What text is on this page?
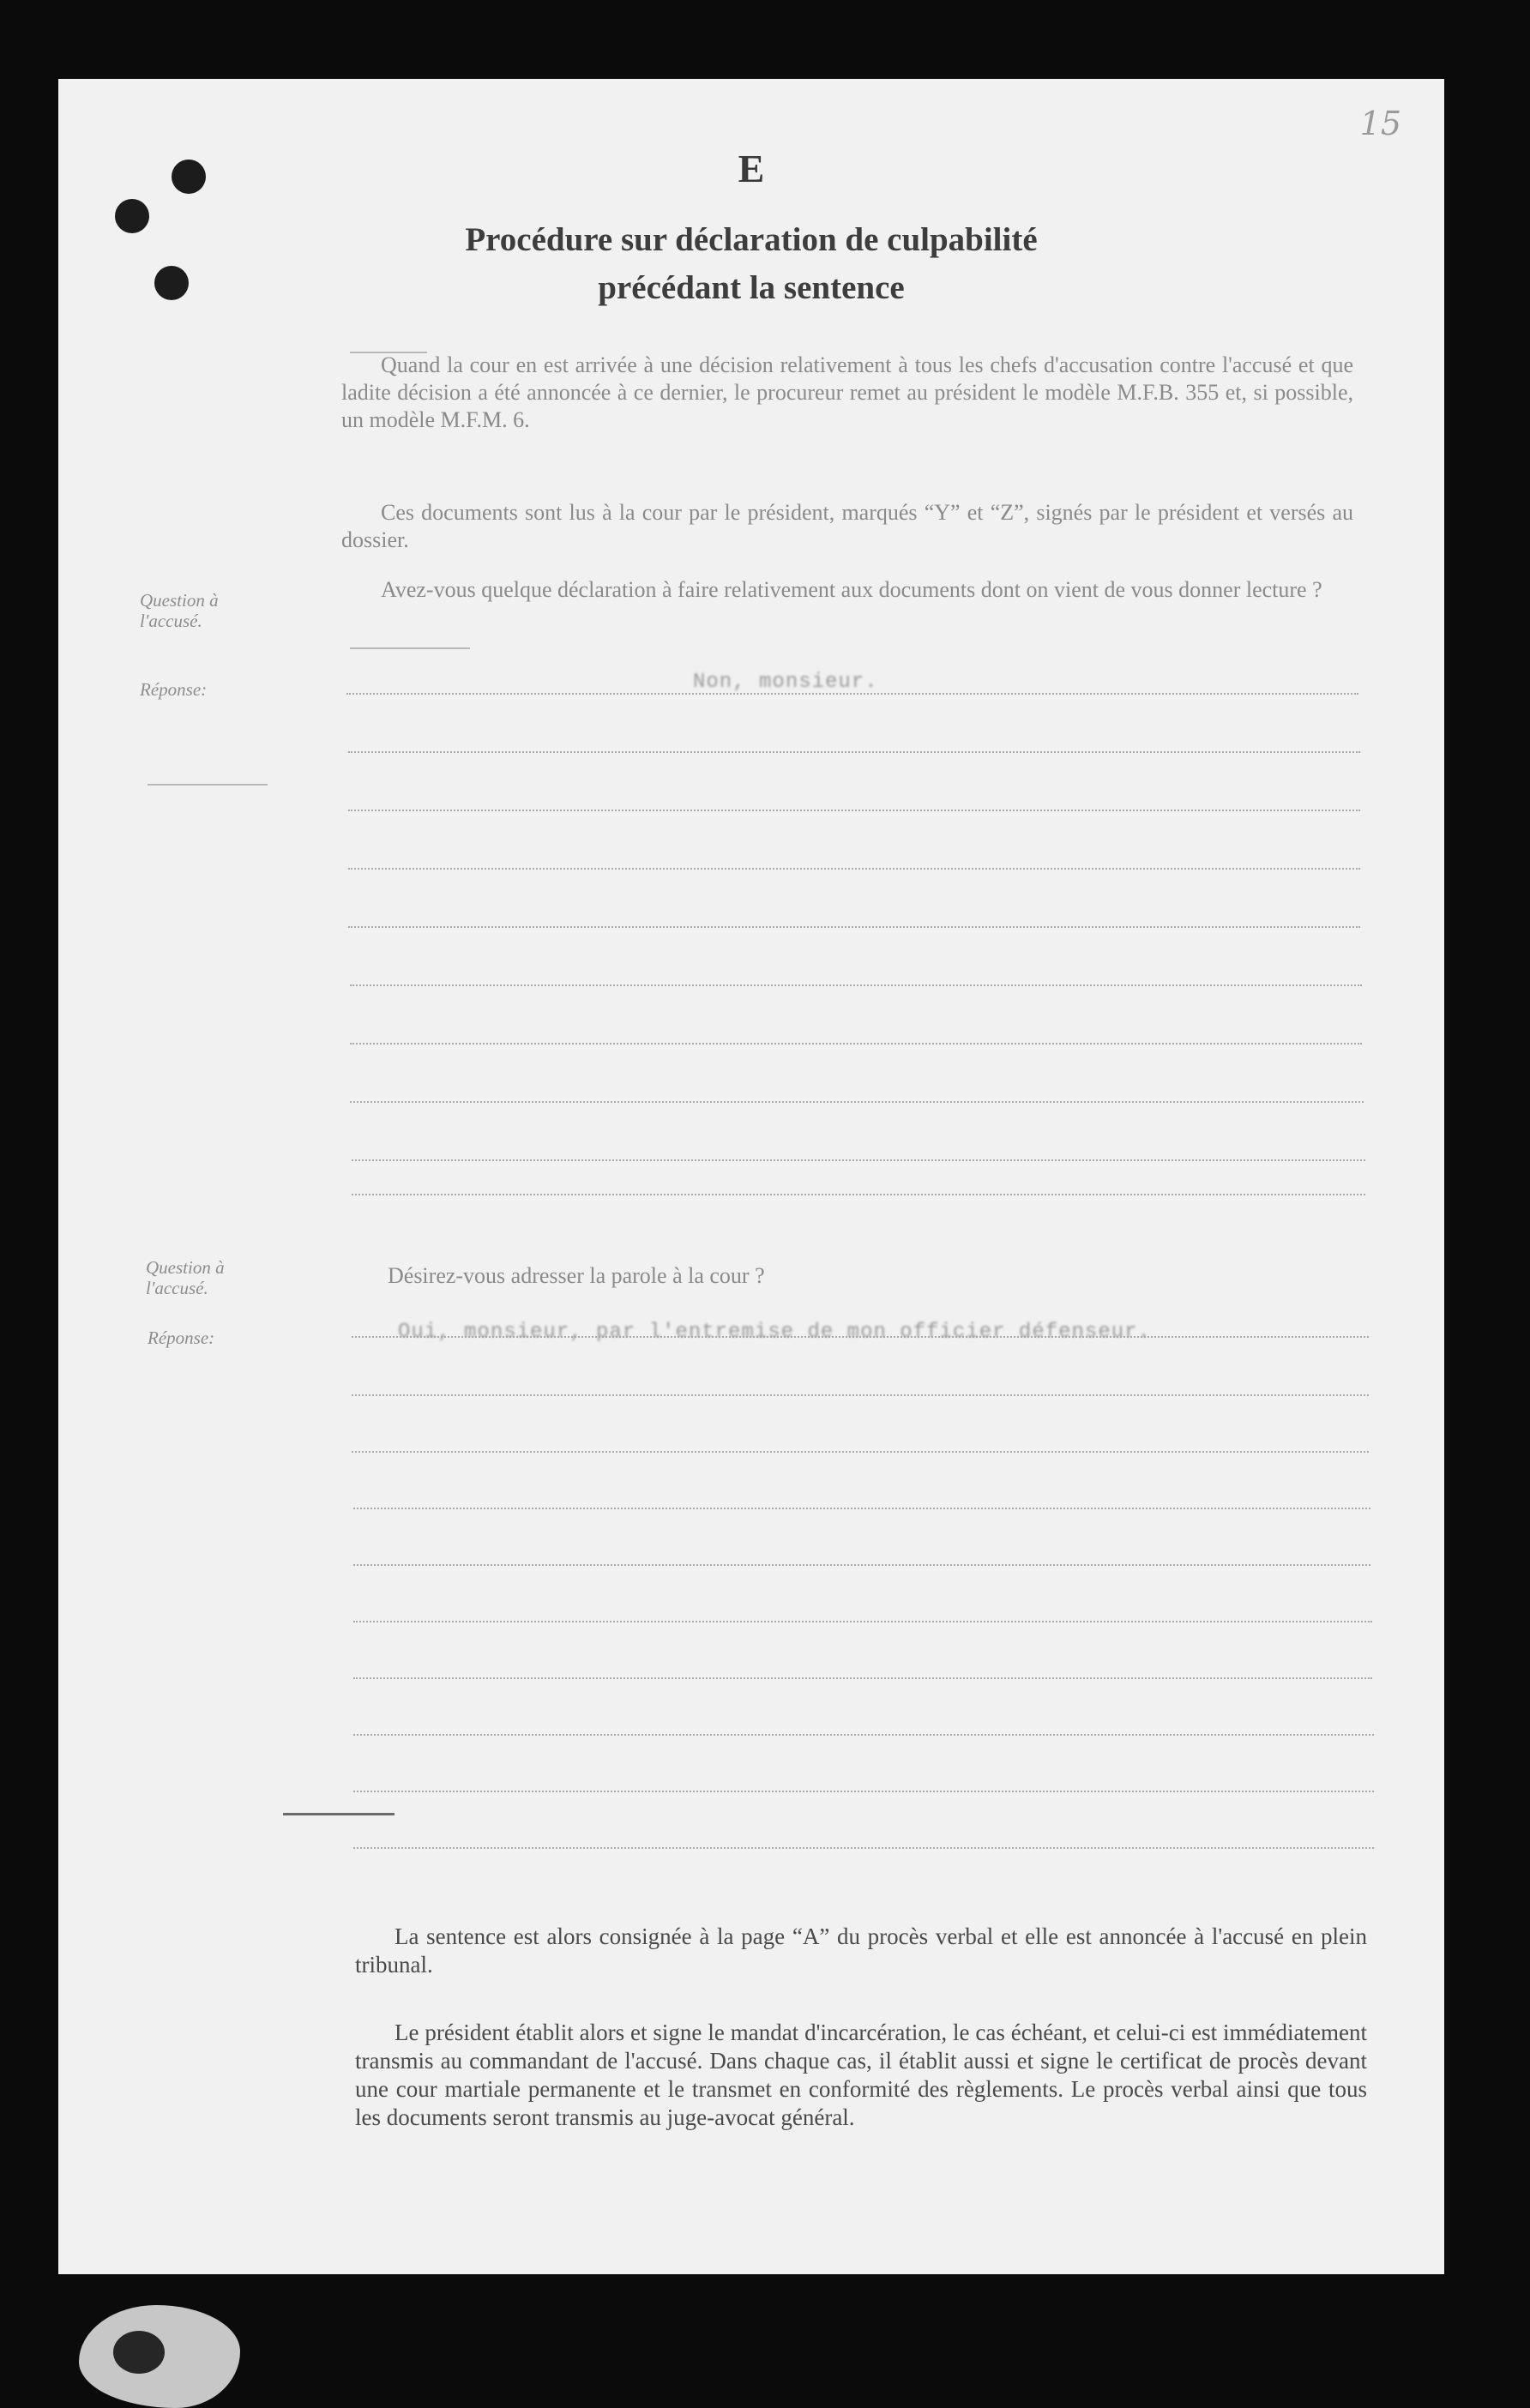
15
E
Procédure sur déclaration de culpabilité
précédant la sentence
Quand la cour en est arrivée à une décision relativement à tous les chefs d'accusation contre l'accusé et que ladite décision a été annoncée à ce dernier, le procureur remet au président le modèle M.F.B. 355 et, si possible, un modèle M.F.M. 6.
Ces documents sont lus à la cour par le président, marqués “Y” et “Z”, signés par le président et versés au dossier.
Question à l'accusé.
Avez-vous quelque déclaration à faire relativement aux documents dont on vient de vous donner lecture ?
Réponse:	Non, monsieur.
Question à l'accusé.	Désirez-vous adresser la parole à la cour ?
Réponse:	Oui, monsieur, par l'entremise de mon officier défenseur.
La sentence est alors consignée à la page “A” du procès verbal et elle est annoncée à l'accusé en plein tribunal.
Le président établit alors et signe le mandat d'incarcération, le cas échéant, et celui-ci est immédiatement transmis au commandant de l'accusé. Dans chaque cas, il établit aussi et signe le certificat de procès devant une cour martiale permanente et le transmet en conformité des règlements. Le procès verbal ainsi que tous les documents seront transmis au juge-avocat général.
